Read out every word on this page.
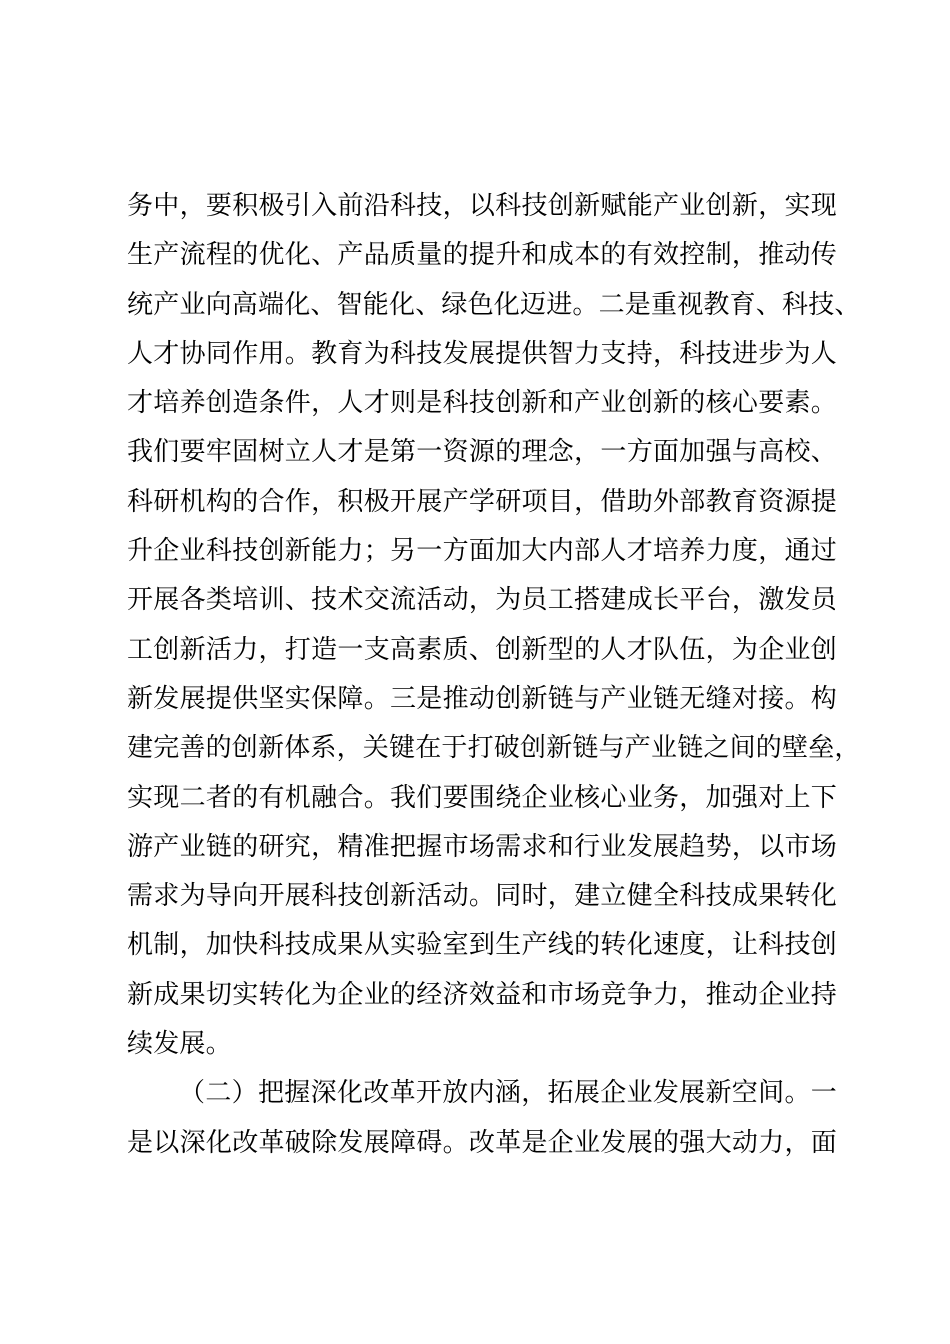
务中，要积极引入前沿科技，以科技创新赋能产业创新，实现
生产流程的优化、产品质量的提升和成本的有效控制，推动传
统产业向高端化、智能化、绿色化迈进。二是重视教育、科技、
人才协同作用。教育为科技发展提供智力支持，科技进步为人
才培养创造条件，人才则是科技创新和产业创新的核心要素。
我们要牢固树立人才是第一资源的理念，一方面加强与高校、
科研机构的合作，积极开展产学研项目，借助外部教育资源提
升企业科技创新能力；另一方面加大内部人才培养力度，通过
开展各类培训、技术交流活动，为员工搭建成长平台，激发员
工创新活力，打造一支高素质、创新型的人才队伍，为企业创
新发展提供坚实保障。三是推动创新链与产业链无缝对接。构
建完善的创新体系，关键在于打破创新链与产业链之间的壁垒，
实现二者的有机融合。我们要围绕企业核心业务，加强对上下
游产业链的研究，精准把握市场需求和行业发展趋势，以市场
需求为导向开展科技创新活动。同时，建立健全科技成果转化
机制，加快科技成果从实验室到生产线的转化速度，让科技创
新成果切实转化为企业的经济效益和市场竞争力，推动企业持
续发展。
（二）把握深化改革开放内涵，拓展企业发展新空间。一
是以深化改革破除发展障碍。改革是企业发展的强大动力，面
